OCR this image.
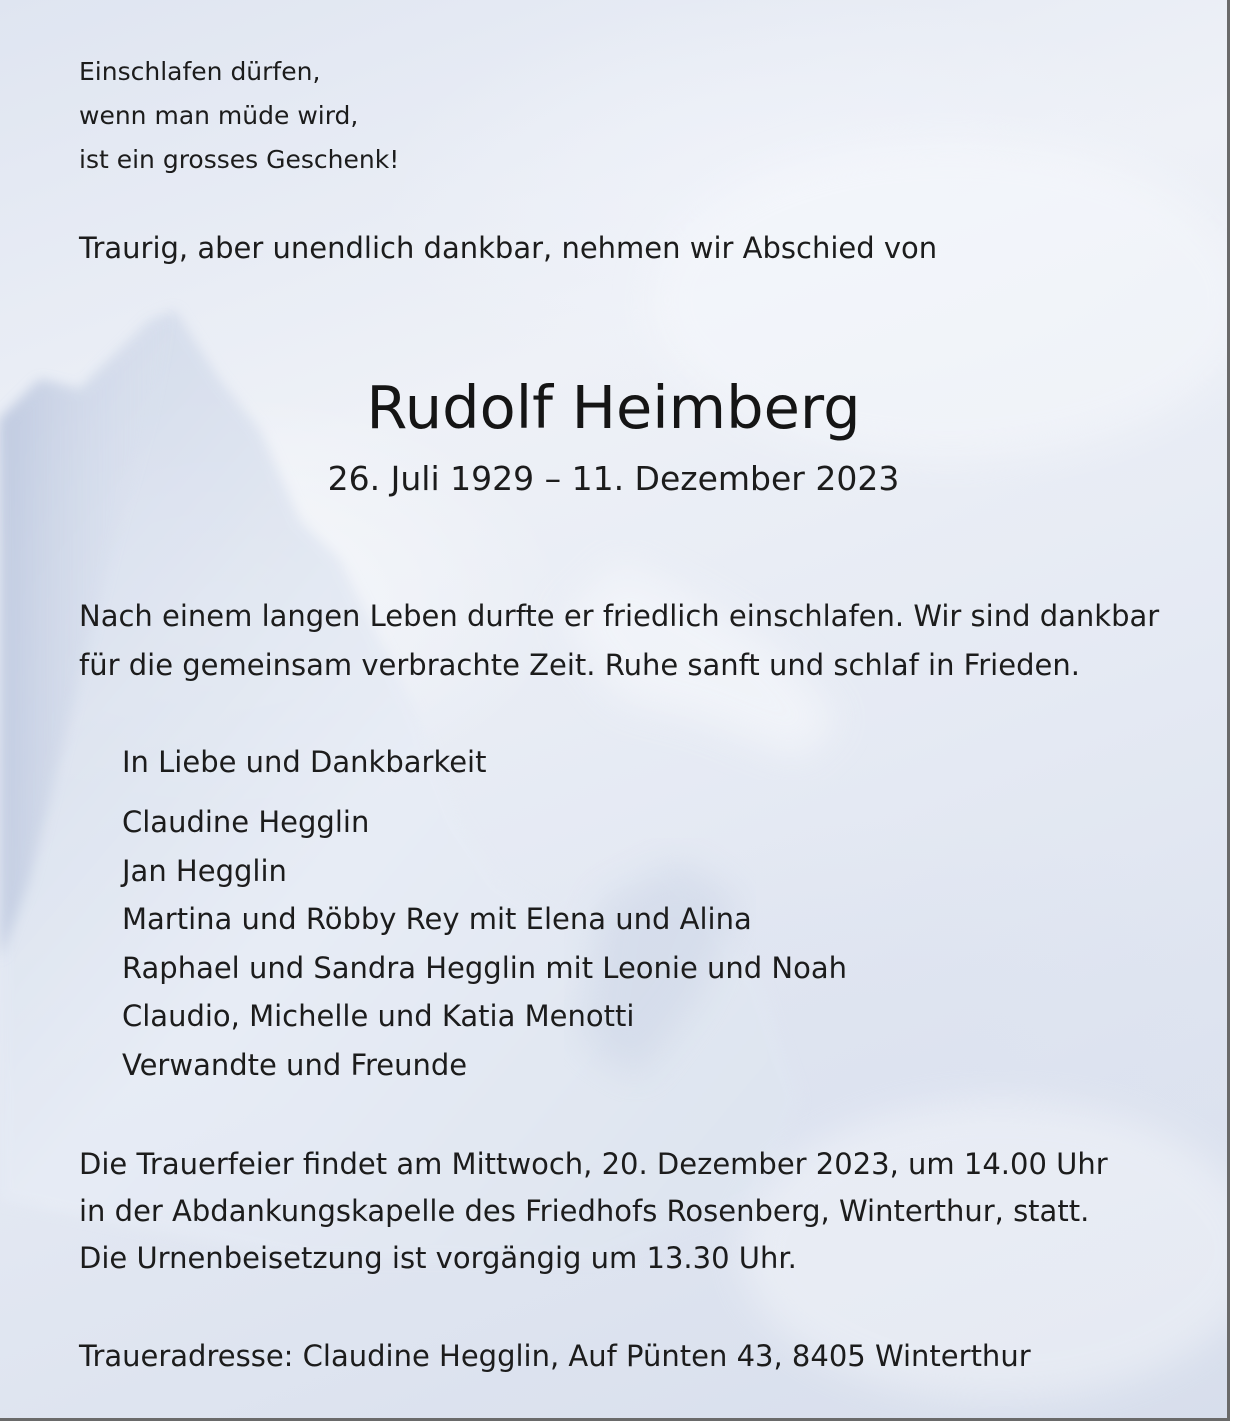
Einschlafen dürfen,
wenn man müde wird,
ist ein grosses Geschenk!
Traurig, aber unendlich dankbar, nehmen wir Abschied von
Rudolf Heimberg
26. Juli 1929 – 11. Dezember 2023
Nach einem langen Leben durfte er friedlich einschlafen. Wir sind dankbar
für die gemeinsam verbrachte Zeit. Ruhe sanft und schlaf in Frieden.
In Liebe und Dankbarkeit
Claudine Hegglin
Jan Hegglin
Martina und Röbby Rey mit Elena und Alina
Raphael und Sandra Hegglin mit Leonie und Noah
Claudio, Michelle und Katia Menotti
Verwandte und Freunde
Die Trauerfeier findet am Mittwoch, 20. Dezember 2023, um 14.00 Uhr
in der Abdankungskapelle des Friedhofs Rosenberg, Winterthur, statt.
Die Urnenbeisetzung ist vorgängig um 13.30 Uhr.
Traueradresse: Claudine Hegglin, Auf Pünten 43, 8405 Winterthur
